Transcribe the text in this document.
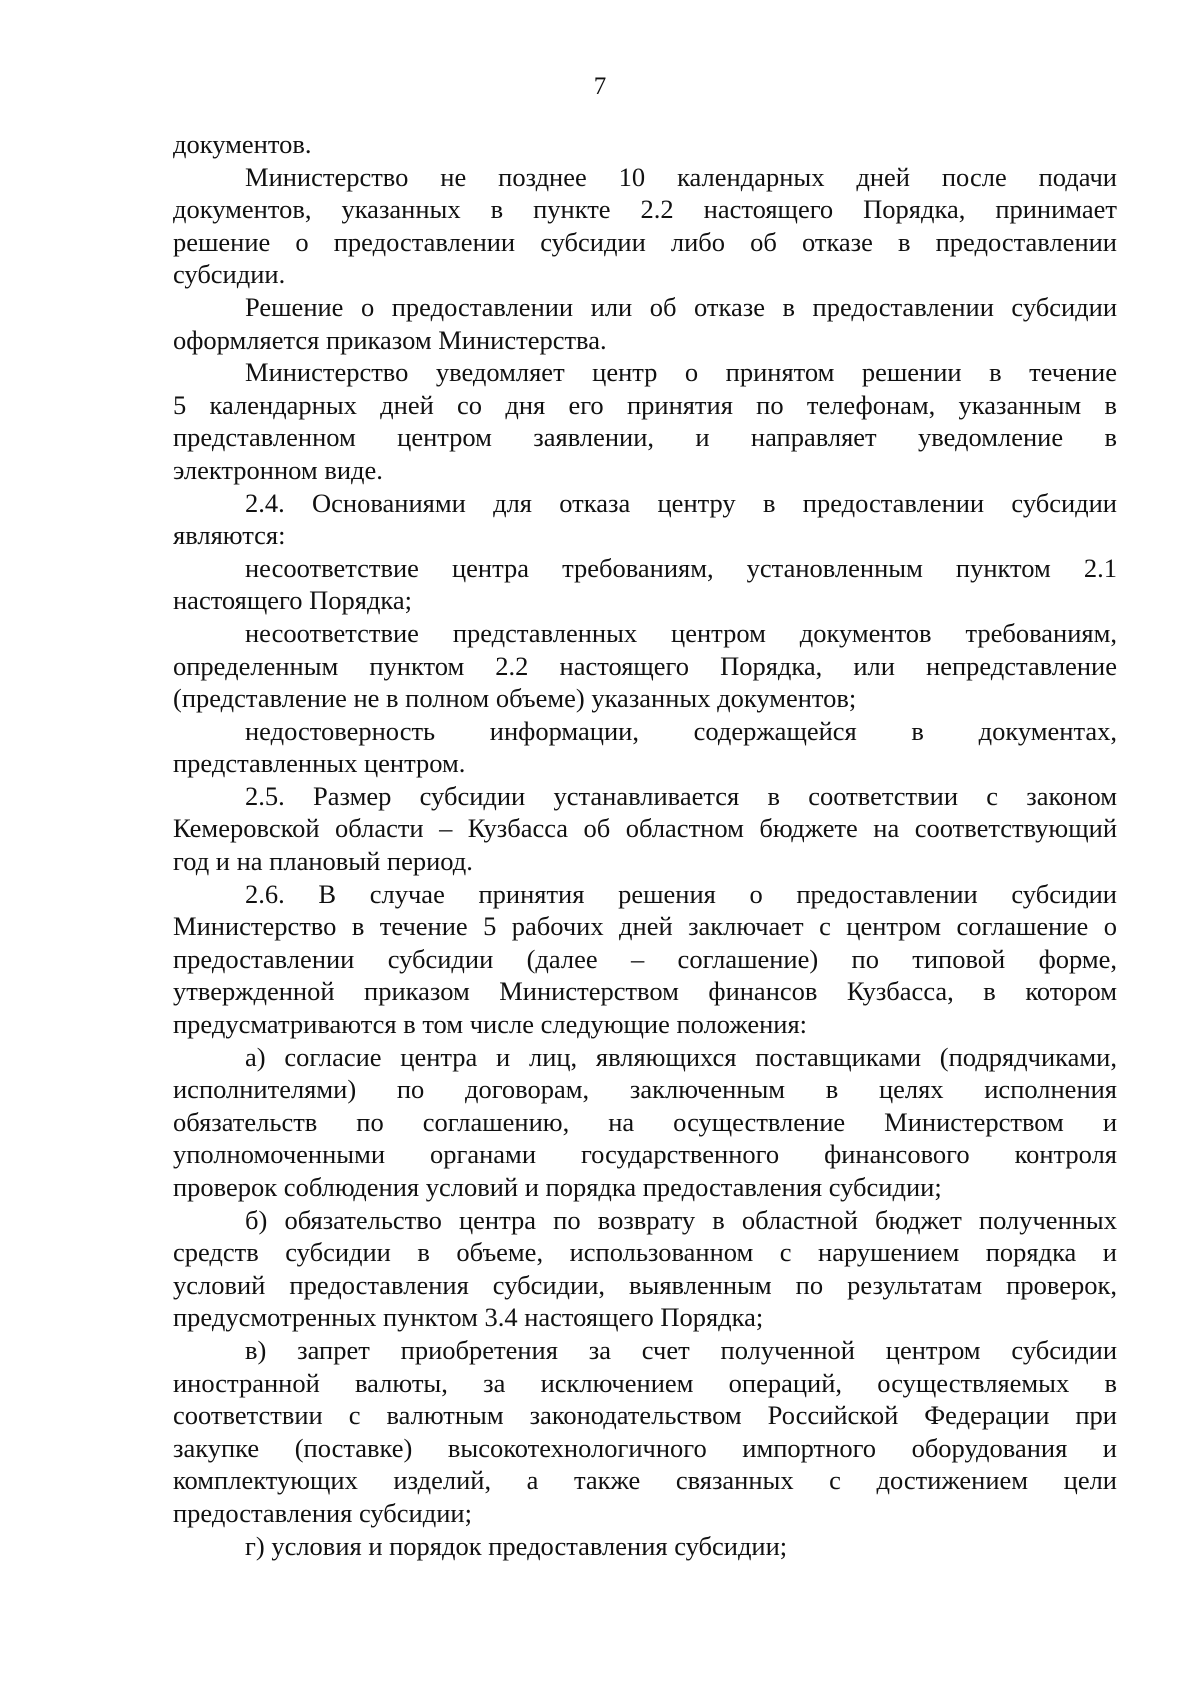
7
документов.
Министерство не позднее 10 календарных дней после подачи
документов, указанных в пункте 2.2 настоящего Порядка, принимает
решение о предоставлении субсидии либо об отказе в предоставлении
субсидии.
Решение о предоставлении или об отказе в предоставлении субсидии
оформляется приказом Министерства.
Министерство уведомляет центр о принятом решении в течение
5 календарных дней со дня его принятия по телефонам, указанным в
представленном центром заявлении, и направляет уведомление в
электронном виде.
2.4. Основаниями для отказа центру в предоставлении субсидии
являются:
несоответствие центра требованиям, установленным пунктом 2.1
настоящего Порядка;
несоответствие представленных центром документов требованиям,
определенным пунктом 2.2 настоящего Порядка, или непредставление
(представление не в полном объеме) указанных документов;
недостоверность информации, содержащейся в документах,
представленных центром.
2.5. Размер субсидии устанавливается в соответствии с законом
Кемеровской области – Кузбасса об областном бюджете на соответствующий
год и на плановый период.
2.6. В случае принятия решения о предоставлении субсидии
Министерство в течение 5 рабочих дней заключает с центром соглашение о
предоставлении субсидии (далее – соглашение) по типовой форме,
утвержденной приказом Министерством финансов Кузбасса, в котором
предусматриваются в том числе следующие положения:
а) согласие центра и лиц, являющихся поставщиками (подрядчиками,
исполнителями) по договорам, заключенным в целях исполнения
обязательств по соглашению, на осуществление Министерством и
уполномоченными органами государственного финансового контроля
проверок соблюдения условий и порядка предоставления субсидии;
б) обязательство центра по возврату в областной бюджет полученных
средств субсидии в объеме, использованном с нарушением порядка и
условий предоставления субсидии, выявленным по результатам проверок,
предусмотренных пунктом 3.4 настоящего Порядка;
в) запрет приобретения за счет полученной центром субсидии
иностранной валюты, за исключением операций, осуществляемых в
соответствии с валютным законодательством Российской Федерации при
закупке (поставке) высокотехнологичного импортного оборудования и
комплектующих изделий, а также связанных с достижением цели
предоставления субсидии;
г) условия и порядок предоставления субсидии;
